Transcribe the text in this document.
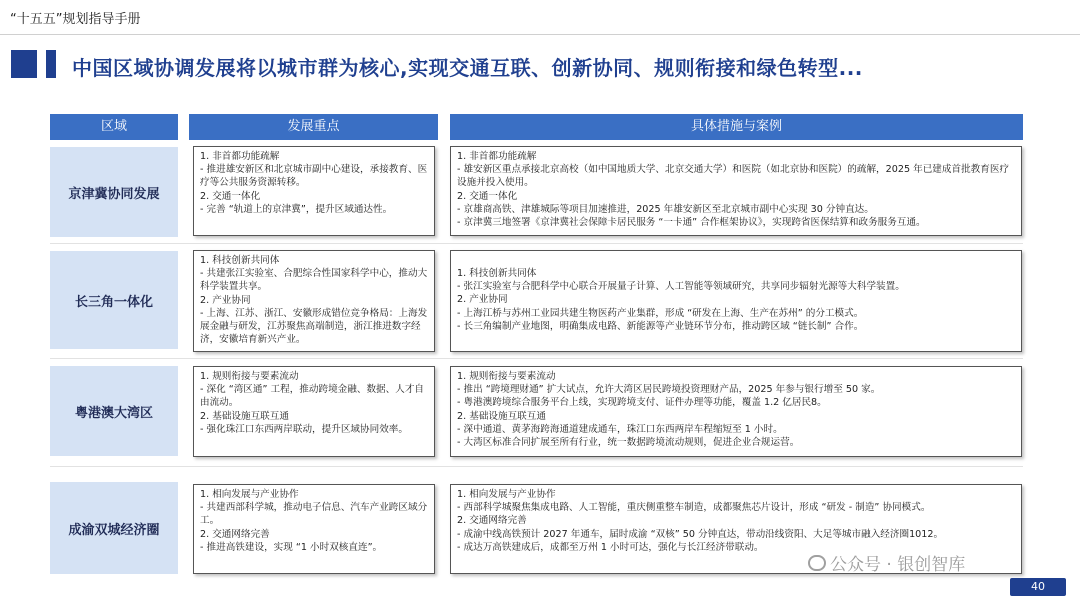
“十五五”规划指导手册
中国区域协调发展将以城市群为核心,实现交通互联、创新协同、规则衔接和绿色转型...
区域	发展重点	具体措施与案例
京津冀协同发展

1. 非首都功能疏解

- 推进雄安新区和北京城市副中心建设，承接教育、医疗等公共服务资源转移。

2. 交通一体化

- 完善 “轨道上的京津冀”，提升区域通达性。

1. 非首都功能疏解

- 雄安新区重点承接北京高校（如中国地质大学、北京交通大学）和医院（如北京协和医院）的疏解，2025 年已建成首批教育医疗设施并投入使用。

2. 交通一体化

- 京雄商高铁、津雄城际等项目加速推进，2025 年雄安新区至北京城市副中心实现 30 分钟直达。

- 京津冀三地签署《京津冀社会保障卡居民服务 “一卡通” 合作框架协议》，实现跨省医保结算和政务服务互通。

长三角一体化

1. 科技创新共同体

- 共建张江实验室、合肥综合性国家科学中心，推动大科学装置共享。

2. 产业协同

- 上海、江苏、浙江、安徽形成错位竞争格局：上海发展金融与研发，江苏聚焦高端制造，浙江推进数字经济，安徽培育新兴产业。

1. 科技创新共同体

- 张江实验室与合肥科学中心联合开展量子计算、人工智能等领域研究，共享同步辐射光源等大科学装置。

2. 产业协同

- 上海江桥与苏州工业园共建生物医药产业集群，形成 “研发在上海、生产在苏州” 的分工模式。

- 长三角编制产业地图，明确集成电路、新能源等产业链环节分布，推动跨区域 “链长制” 合作。

粤港澳大湾区

1. 规则衔接与要素流动

- 深化 “湾区通” 工程，推动跨境金融、数据、人才自由流动。

2. 基础设施互联互通

- 强化珠江口东西两岸联动，提升区域协同效率。

1. 规则衔接与要素流动

- 推出 “跨境理财通” 扩大试点，允许大湾区居民跨境投资理财产品，2025 年参与银行增至 50 家。

- 粤港澳跨境综合服务平台上线，实现跨境支付、证件办理等功能，覆盖 1.2 亿居民8。

2. 基础设施互联互通

- 深中通道、黄茅海跨海通道建成通车，珠江口东西两岸车程缩短至 1 小时。

- 大湾区标准合同扩展至所有行业，统一数据跨境流动规则，促进企业合规运营。

成渝双城经济圈

1. 相向发展与产业协作

- 共建西部科学城，推动电子信息、汽车产业跨区域分工。

2. 交通网络完善

- 推进高铁建设，实现 “1 小时双核直连”。

1. 相向发展与产业协作

- 西部科学城聚焦集成电路、人工智能，重庆侧重整车制造，成都聚焦芯片设计，形成 “研发 - 制造” 协同模式。

2. 交通网络完善

- 成渝中线高铁预计 2027 年通车，届时成渝 “双核” 50 分钟直达，带动沿线资阳、大足等城市融入经济圈1012。

- 成达万高铁建成后，成都至万州 1 小时可达，强化与长江经济带联动。

公众号 · 银创智库
40
